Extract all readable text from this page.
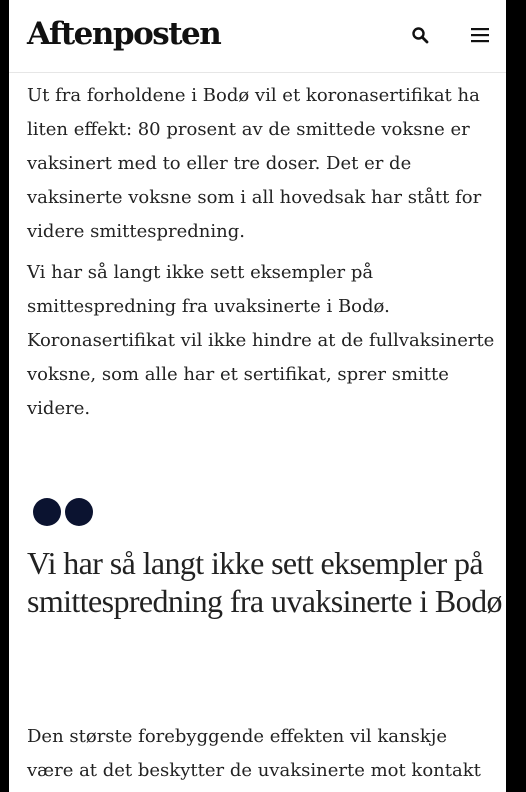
Aftenposten

Ut fra forholdene i Bodø vil et koronasertifikat ha liten effekt: 80 prosent av de smittede voksne er vaksinert med to eller tre doser. Det er de vaksinerte voksne som i all hovedsak har stått for videre smittespredning.

Vi har så langt ikke sett eksempler på smittespredning fra uvaksinerte i Bodø. Koronasertifikat vil ikke hindre at de fullvaksinerte voksne, som alle har et sertifikat, sprer smitte videre.

Vi har så langt ikke sett eksempler på smittespredning fra uvaksinerte i Bodø

Den største forebyggende effekten vil kanskje være at det beskytter de uvaksinerte mot kontakt
